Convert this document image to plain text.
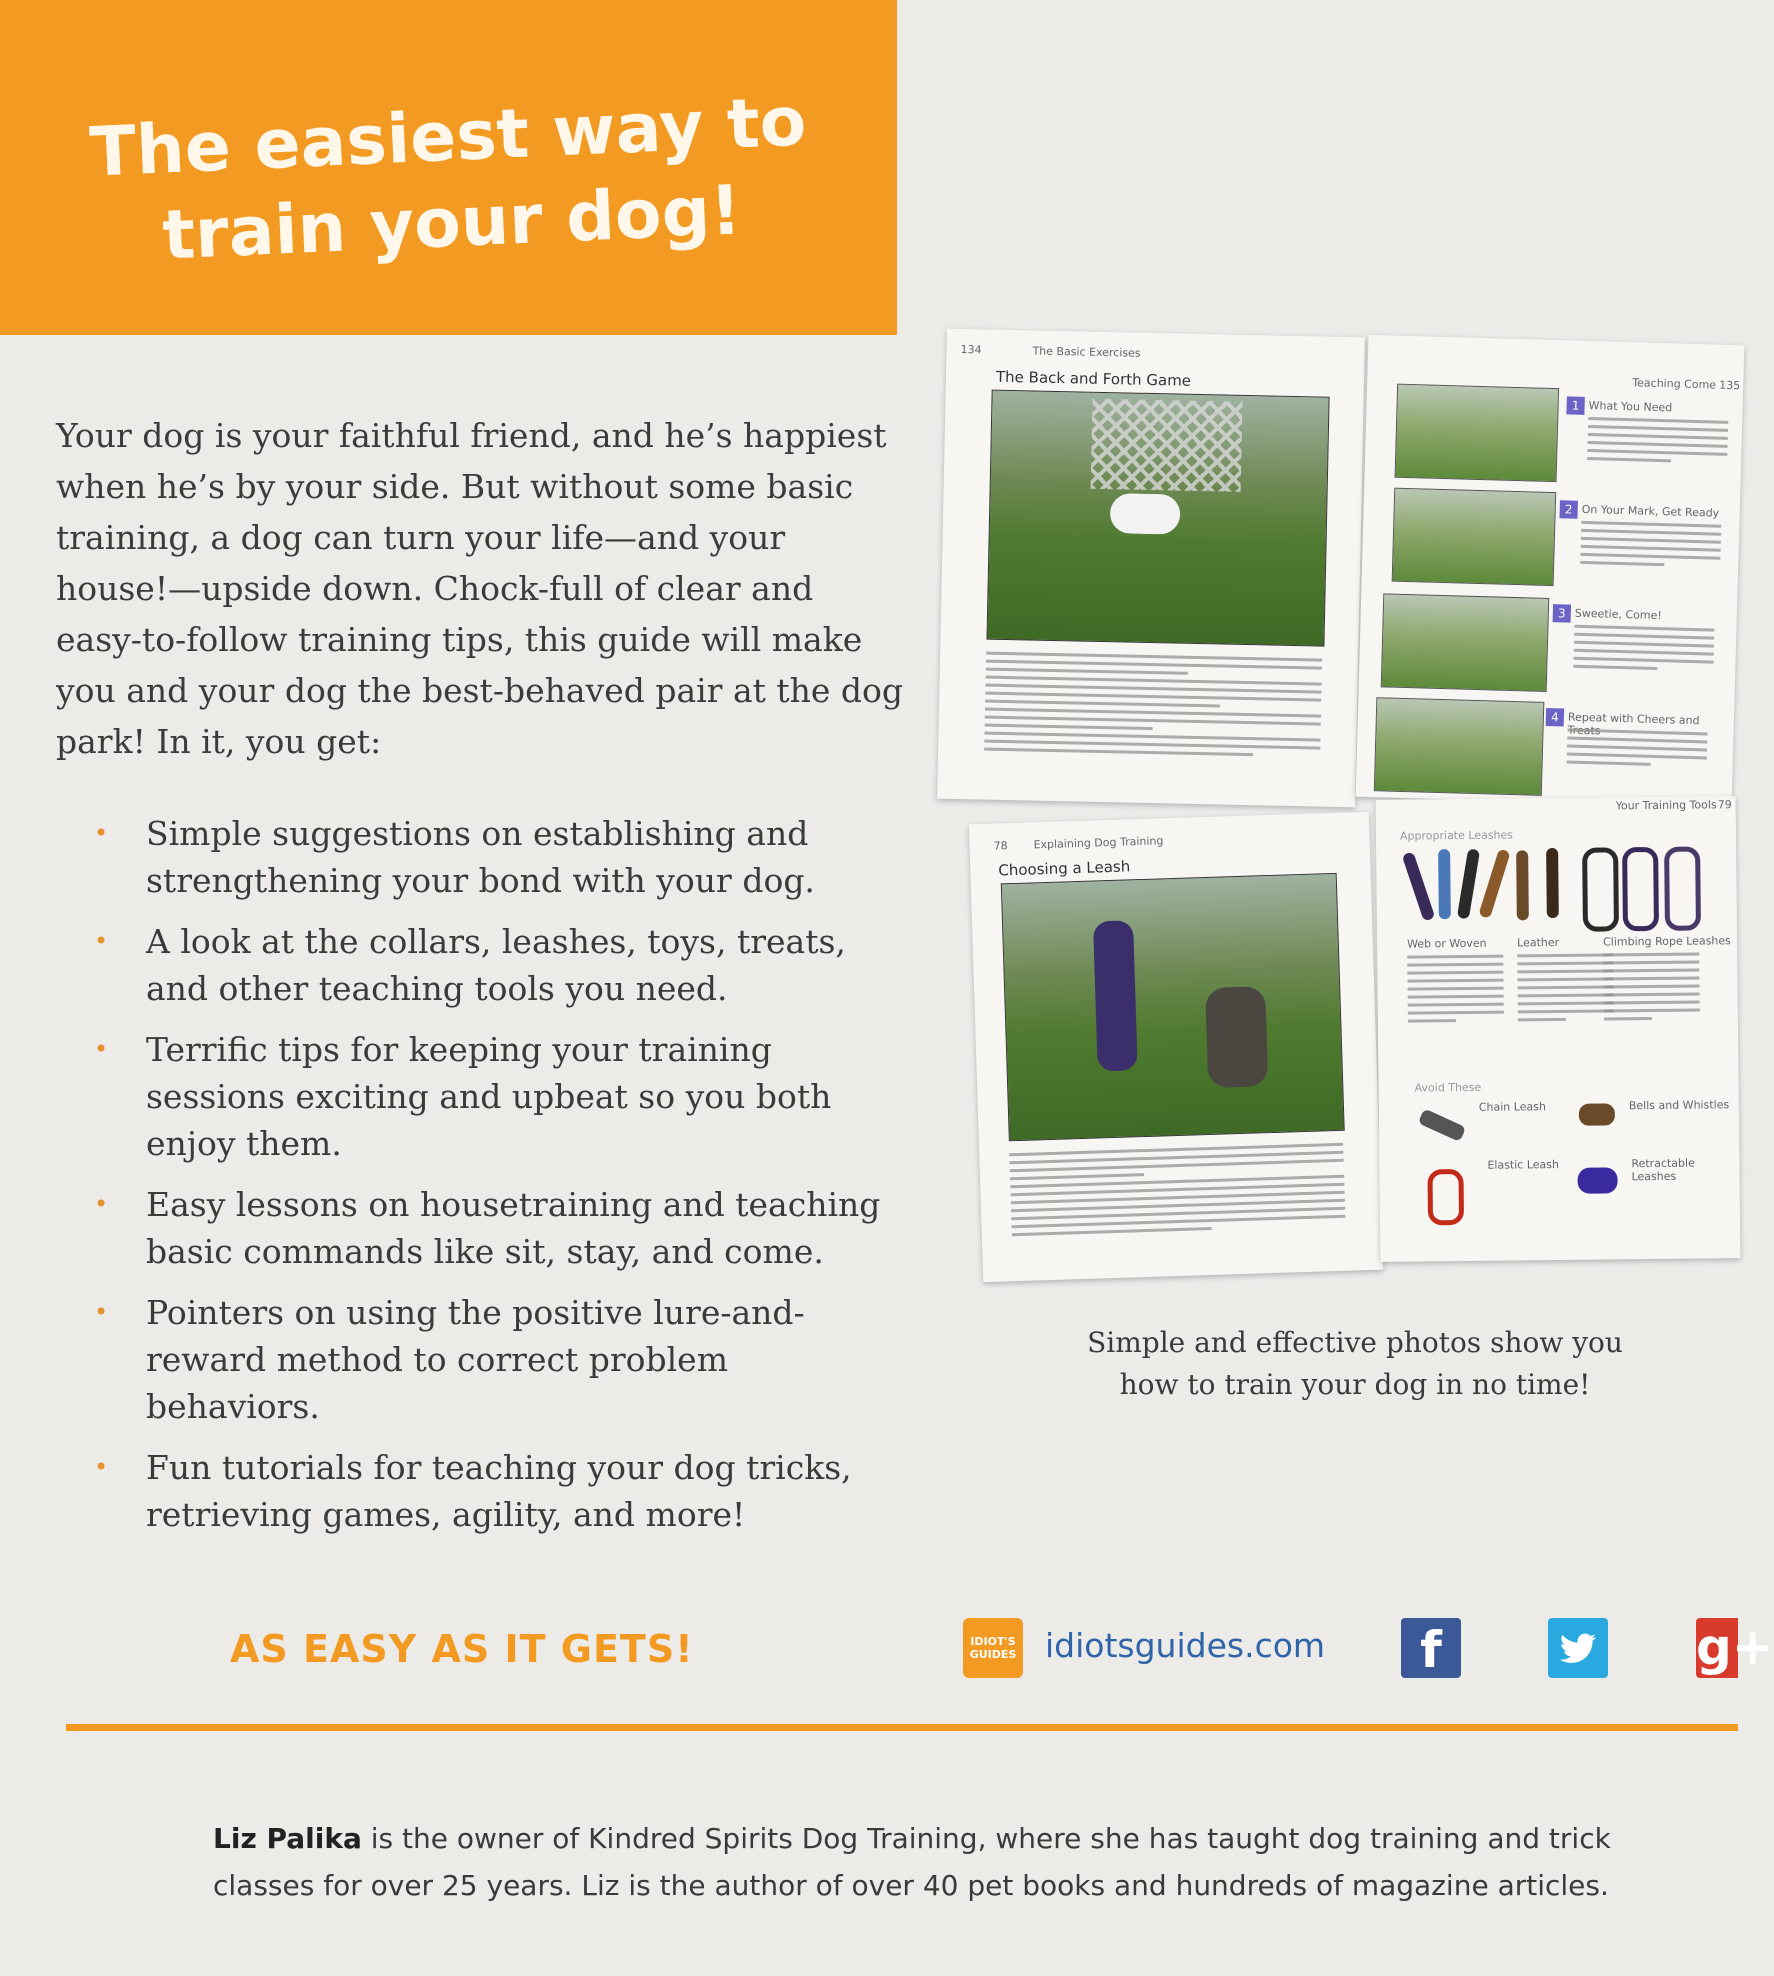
The easiest way to train your dog!

Your dog is your faithful friend, and he’s happiest when he’s by your side. But without some basic training, a dog can turn your life—and your house!—upside down. Chock-full of clear and easy-to-follow training tips, this guide will make you and your dog the best-behaved pair at the dog park! In it, you get:

• Simple suggestions on establishing and strengthening your bond with your dog.
• A look at the collars, leashes, toys, treats, and other teaching tools you need.
• Terrific tips for keeping your training sessions exciting and upbeat so you both enjoy them.
• Easy lessons on housetraining and teaching basic commands like sit, stay, and come.
• Pointers on using the positive lure-and-reward method to correct problem behaviors.
• Fun tutorials for teaching your dog tricks, retrieving games, agility, and more!
134	The Basic Exercises
The Back and Forth Game	Teaching Come 135
1 What You Need
2 On Your Mark, Get Ready
3 Sweetie, Come!
4 Repeat with Cheers and
78 Explaining Dog Training
Choosing a Leash
Your Training Tools 79
Appropriate Leashes
Web or Woven	Leather	Climbing Rope Leashes
Avoid These
Chain Leash	Bells and Whistles
Elastic Leash	Retractable Leashes
Simple and effective photos show you how to train your dog in no time!
AS EASY AS IT GETS!	IDIOT'S GUIDES idiotsguides.com	f	g+

Liz Palika is the owner of Kindred Spirits Dog Training, where she has taught dog training and trick classes for over 25 years. Liz is the author of over 40 pet books and hundreds of magazine articles.
